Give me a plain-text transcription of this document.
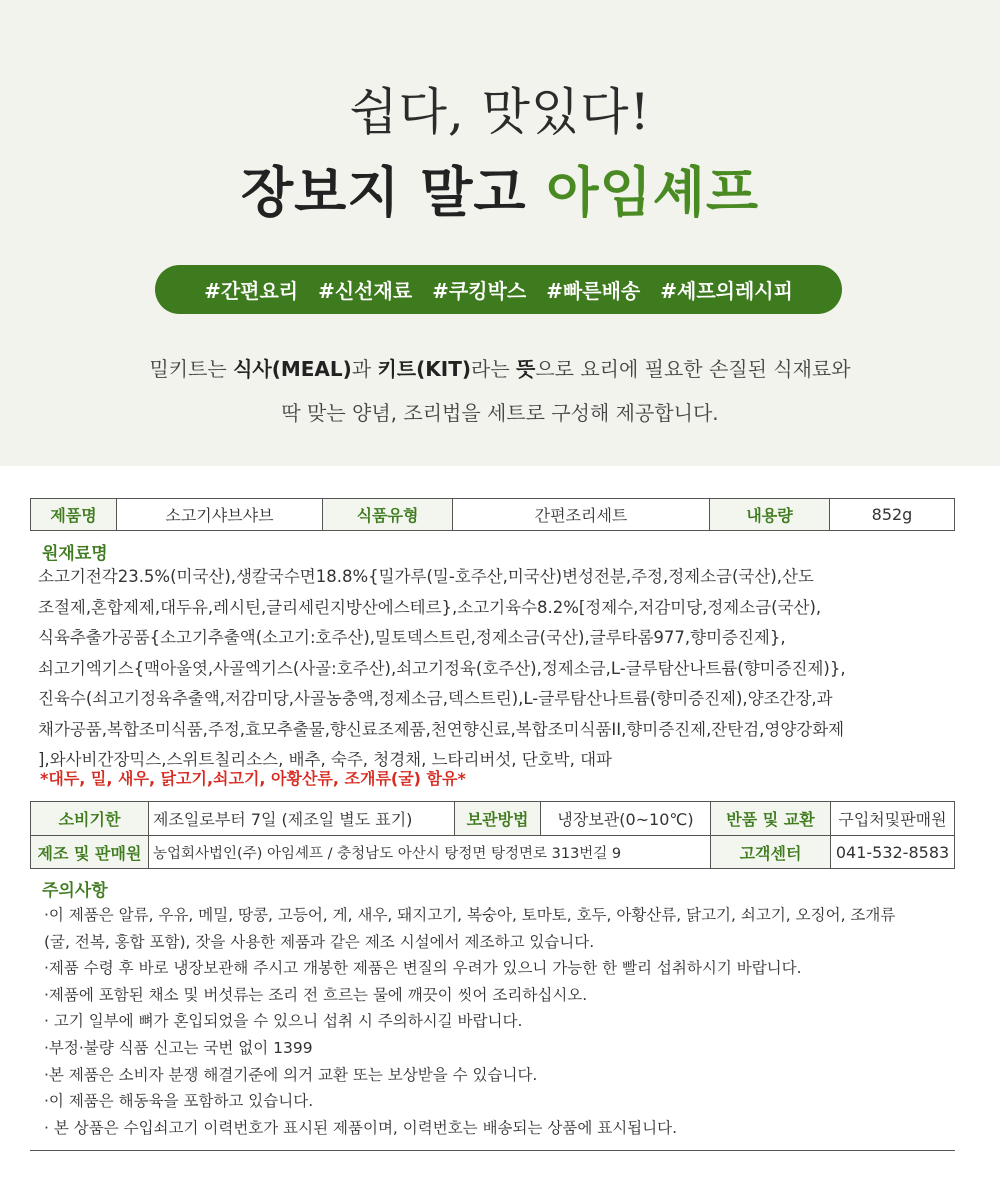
쉽다, 맛있다!
장보지 말고 아임셰프
#간편요리 #신선재료 #쿠킹박스 #빠른배송 #셰프의레시피
밀키트는 식사(MEAL)과 키트(KIT)라는 뜻으로 요리에 필요한 손질된 식재료와
딱 맞는 양념, 조리법을 세트로 구성해 제공합니다.
제품명	소고기샤브샤브	식품유형	간편조리세트	내용량	852g
원재료명
소고기전각23.5%(미국산),생칼국수면18.8%{밀가루(밀-호주산,미국산)변성전분,주정,정제소금(국산),산도
조절제,혼합제제,대두유,레시틴,글리세린지방산에스테르},소고기육수8.2%[정제수,저감미당,정제소금(국산),
식육추출가공품{소고기추출액(소고기:호주산),밀토덱스트린,정제소금(국산),글루타롬977,향미증진제},
쇠고기엑기스{맥아울엿,사골엑기스(사골:호주산),쇠고기정육(호주산),정제소금,L-글루탐산나트륨(향미증진제)},
진육수(쇠고기정육추출액,저감미당,사골농충액,정제소금,덱스트린),L-글루탐산나트륨(향미증진제),양조간장,과
채가공품,복합조미식품,주정,효모추출물,향신료조제품,천연향신료,복합조미식품II,향미증진제,잔탄검,영양강화제
],와사비간장믹스,스위트칠리소스, 배추, 숙주, 청경채, 느타리버섯, 단호박, 대파
*대두, 밀, 새우, 닭고기,쇠고기, 아황산류, 조개류(굴) 함유*
소비기한	제조일로부터 7일 (제조일 별도 표기)	보관방법	냉장보관(0~10℃)	반품 및 교환	구입처및판매원
제조 및 판매원	농업회사법인(주) 아임셰프 / 충청남도 아산시 탕정면 탕정면로 313번길 9			고객센터	041-532-8583
주의사항
·이 제품은 알류, 우유, 메밀, 땅콩, 고등어, 게, 새우, 돼지고기, 복숭아, 토마토, 호두, 아황산류, 닭고기, 쇠고기, 오징어, 조개류
(굴, 전복, 홍합 포함), 잣을 사용한 제품과 같은 제조 시설에서 제조하고 있습니다.
·제품 수령 후 바로 냉장보관해 주시고 개봉한 제품은 변질의 우려가 있으니 가능한 한 빨리 섭취하시기 바랍니다.
·제품에 포함된 채소 및 버섯류는 조리 전 흐르는 물에 깨끗이 씻어 조리하십시오.
· 고기 일부에 뼈가 혼입되었을 수 있으니 섭취 시 주의하시길 바랍니다.
·부정·불량 식품 신고는 국번 없이 1399
·본 제품은 소비자 분쟁 해결기준에 의거 교환 또는 보상받을 수 있습니다.
·이 제품은 해동육을 포함하고 있습니다.
· 본 상품은 수입쇠고기 이력번호가 표시된 제품이며, 이력번호는 배송되는 상품에 표시됩니다.
